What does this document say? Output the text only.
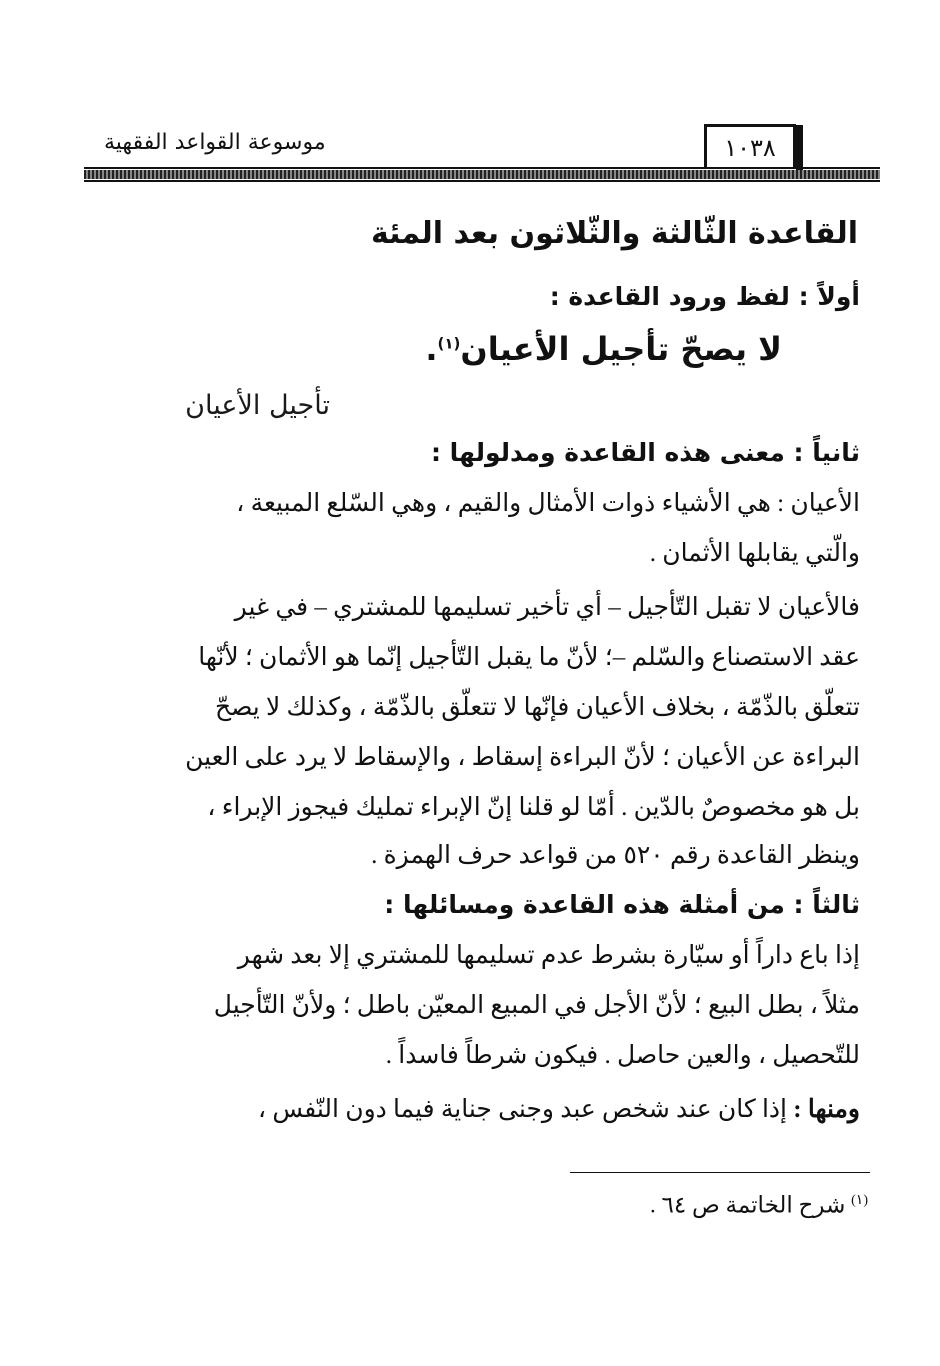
١٠٣٨
موسوعة القواعد الفقهية
القاعدة الثّالثة والثّلاثون بعد المئة
أولاً : لفظ ورود القاعدة :
لا يصحّ تأجيل الأعيان$^{(١)}$.
تأجيل الأعيان
ثانياً : معنى هذه القاعدة ومدلولها :
الأعيان : هي الأشياء ذوات الأمثال والقيم ، وهي السّلع المبيعة ،
والّتي يقابلها الأثمان .
فالأعيان لا تقبل التّأجيل – أي تأخير تسليمها للمشتري – في غير
عقد الاستصناع والسّلم –؛ لأنّ ما يقبل التّأجيل إنّما هو الأثمان ؛ لأنّها
تتعلّق بالذّمّة ، بخلاف الأعيان فإنّها لا تتعلّق بالذّمّة ، وكذلك لا يصحّ
البراءة عن الأعيان ؛ لأنّ البراءة إسقاط ، والإسقاط لا يرد على العين
بل هو مخصوصٌ بالدّين . أمّا لو قلنا إنّ الإبراء تمليك فيجوز الإبراء ،
وينظر القاعدة رقم ٥٢٠ من قواعد حرف الهمزة .
ثالثاً : من أمثلة هذه القاعدة ومسائلها :
إذا باع داراً أو سيّارة بشرط عدم تسليمها للمشتري إلا بعد شهر
مثلاً ، بطل البيع ؛ لأنّ الأجل في المبيع المعيّن باطل ؛ ولأنّ التّأجيل
للتّحصيل ، والعين حاصل . فيكون شرطاً فاسداً .
ومنها : إذا كان عند شخص عبد وجنى جناية فيما دون النّفس ،
$^{(١)}$ شرح الخاتمة ص ٦٤ .
